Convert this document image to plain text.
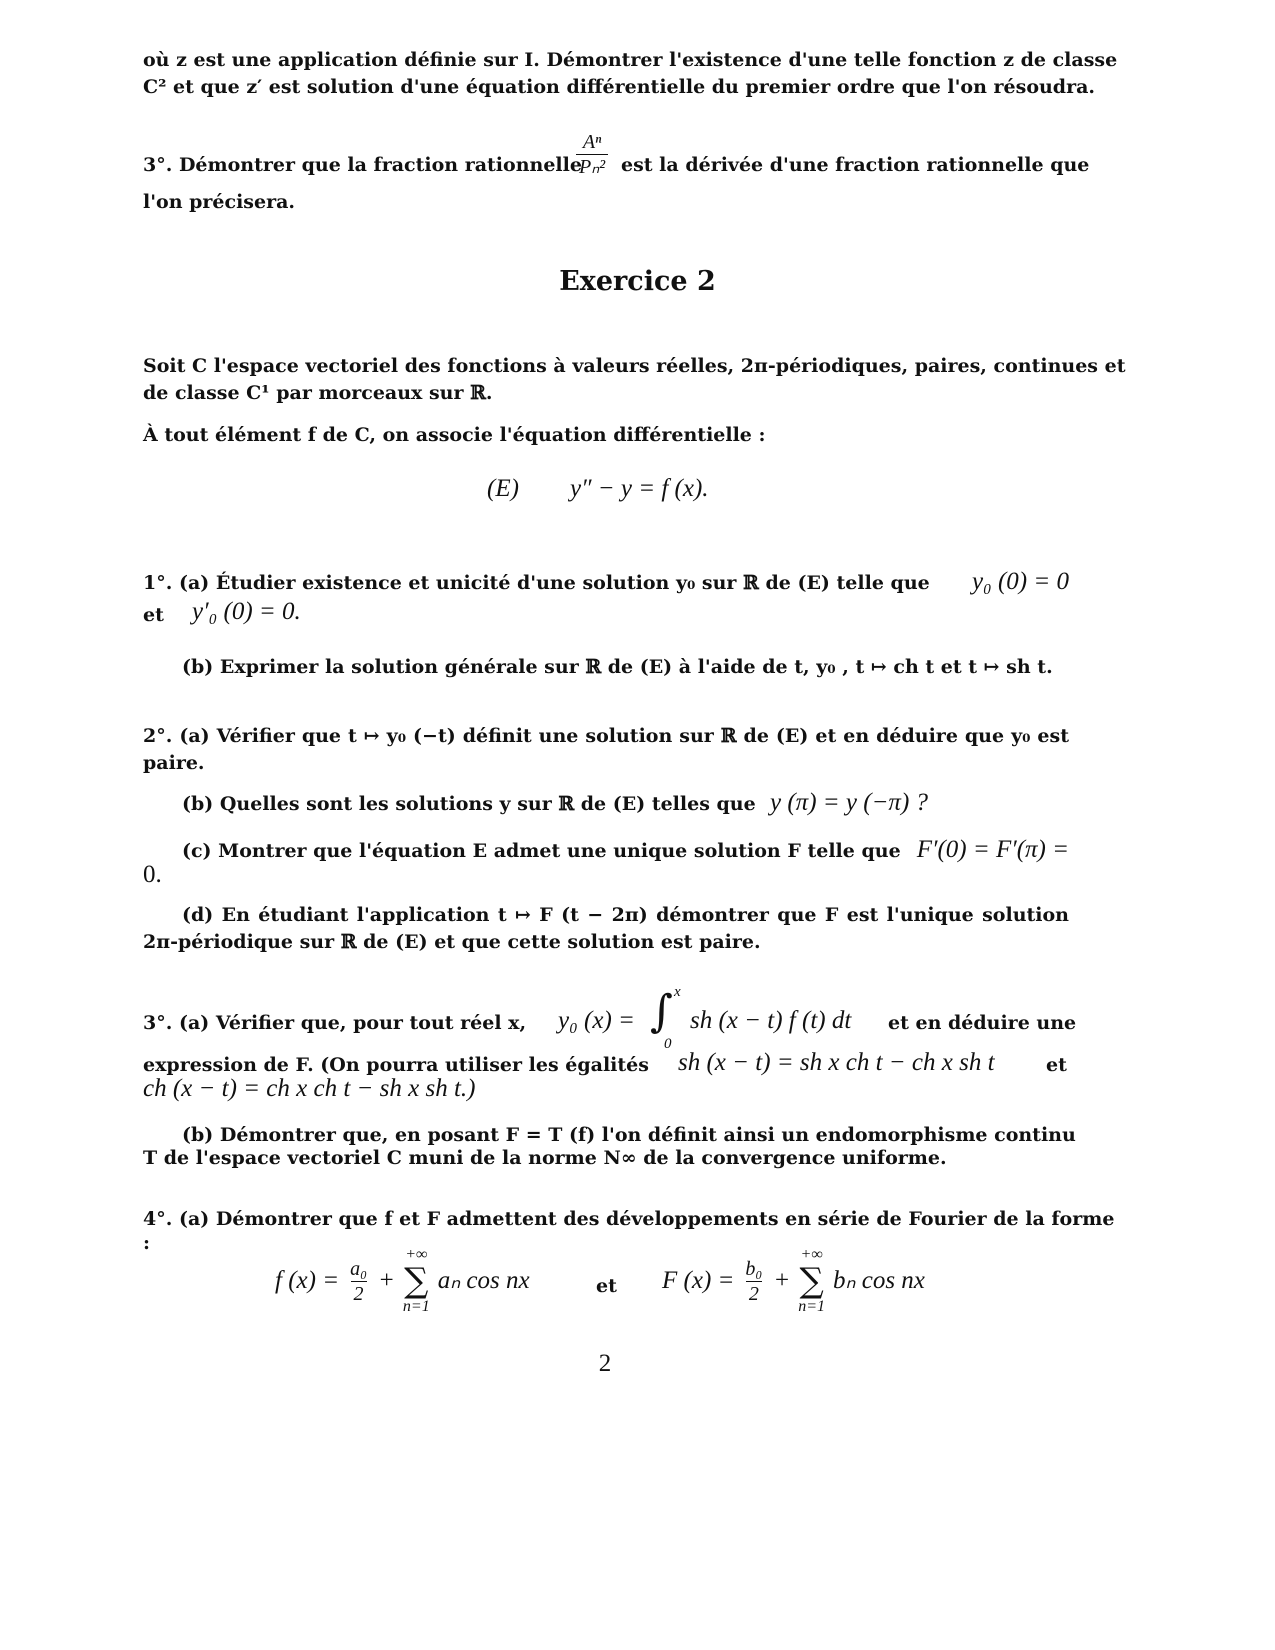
où z est une application définie sur I. Démontrer l'existence d'une telle fonction z de classe
C² et que z′ est solution d'une équation différentielle du premier ordre que l'on résoudra.
3°. Démontrer que la fraction rationnelle
$\frac{\text{Aⁿ}}{\text{Pₙ²}}$ est la dérivée d'une fraction rationnelle que
l'on précisera.
Exercice 2
Soit C l'espace vectoriel des fonctions à valeurs réelles, 2π-périodiques, paires, continues et
de classe C¹ par morceaux sur ℝ.
À tout élément f de C, on associe l'équation différentielle :
(E) y″ − y = f (x).
1°. (a) Étudier existence et unicité d'une solution y₀ sur ℝ de (E) telle que	y₀ (0) = 0
et y′₀ (0) = 0.
(b) Exprimer la solution générale sur ℝ de (E) à l'aide de t, y₀ , t ↦ ch t et t ↦ sh t.
2°. (a) Vérifier que t ↦ y₀ (−t) définit une solution sur ℝ de (E) et en déduire que y₀ est
paire.
(b) Quelles sont les solutions y sur ℝ de (E) telles que y (π) = y (−π) ?
(c) Montrer que l'équation E admet une unique solution F telle que F′(0) = F′(π) =
0.
(d) En étudiant l'application t ↦ F (t − 2π) démontrer que F est l'unique solution
2π-périodique sur ℝ de (E) et que cette solution est paire.
3°. (a) Vérifier que, pour tout réel x, y₀ (x) = ∫ x
0
sh (x − t) f (t) dt et en déduire une
expression de F. (On pourra utiliser les égalités sh (x − t) = sh x ch t − ch x sh t	et
ch (x − t) = ch x ch t − sh x sh t.)
(b) Démontrer que, en posant F = T (f) l'on définit ainsi un endomorphisme continu
T de l'espace vectoriel C muni de la norme N∞ de la convergence uniforme.
4°. (a) Démontrer que f et F admettent des développements en série de Fourier de la forme
:
f $(x) = \frac{\text{a₀}}{2}$ +
+∞
∑
n=1
aₙ cos nx	et F $(x) = \frac{\text{b₀}}{2}$ +
+∞
∑
n=1
bₙ cos nx
2
